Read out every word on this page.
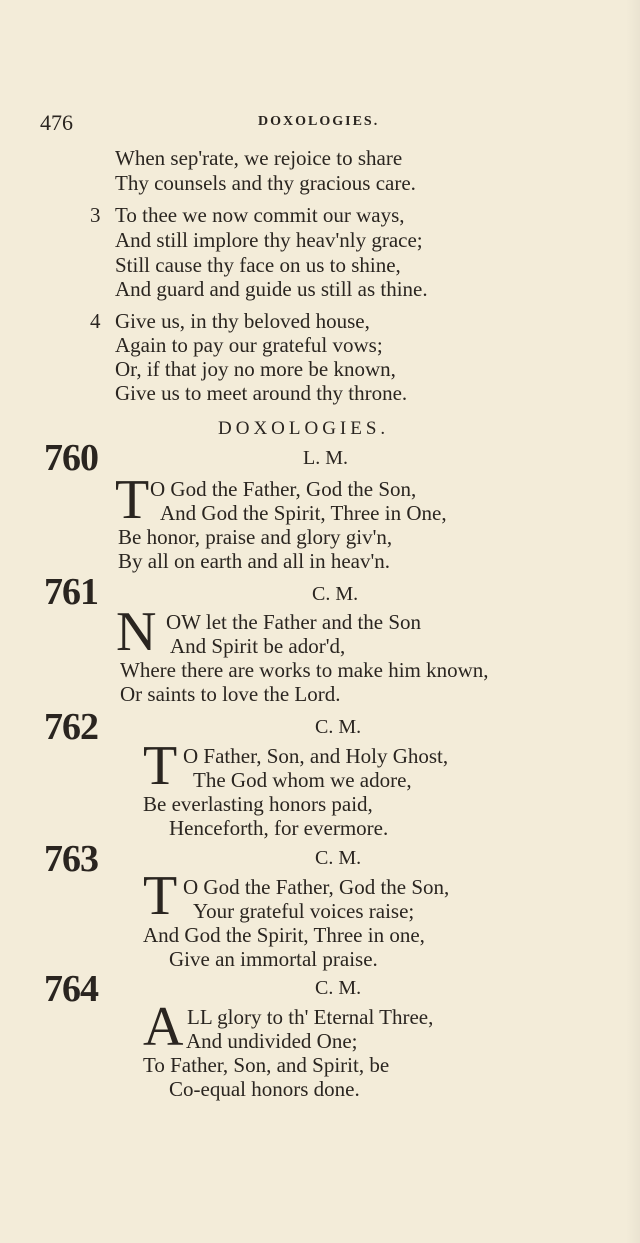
476	DOXOLOGIES.
When sep'rate, we rejoice to share
Thy counsels and thy gracious care.
3 To thee we now commit our ways,
And still implore thy heav'nly grace;
Still cause thy face on us to shine,
And guard and guide us still as thine.
4 Give us, in thy beloved house,
Again to pay our grateful vows;
Or, if that joy no more be known,
Give us to meet around thy throne.
DOXOLOGIES.
760	L. M.
T O God the Father, God the Son,
And God the Spirit, Three in One,
Be honor, praise and glory giv'n,
By all on earth and all in heav'n.
761	C. M.
N OW let the Father and the Son
And Spirit be ador'd,
Where there are works to make him known,
Or saints to love the Lord.
762	C. M.
T O Father, Son, and Holy Ghost,
The God whom we adore,
Be everlasting honors paid,
Henceforth, for evermore.
763	C. M.
T O God the Father, God the Son,
Your grateful voices raise;
And God the Spirit, Three in one,
Give an immortal praise.
764	C. M.
A LL glory to th' Eternal Three,
And undivided One;
To Father, Son, and Spirit, be
Co-equal honors done.
